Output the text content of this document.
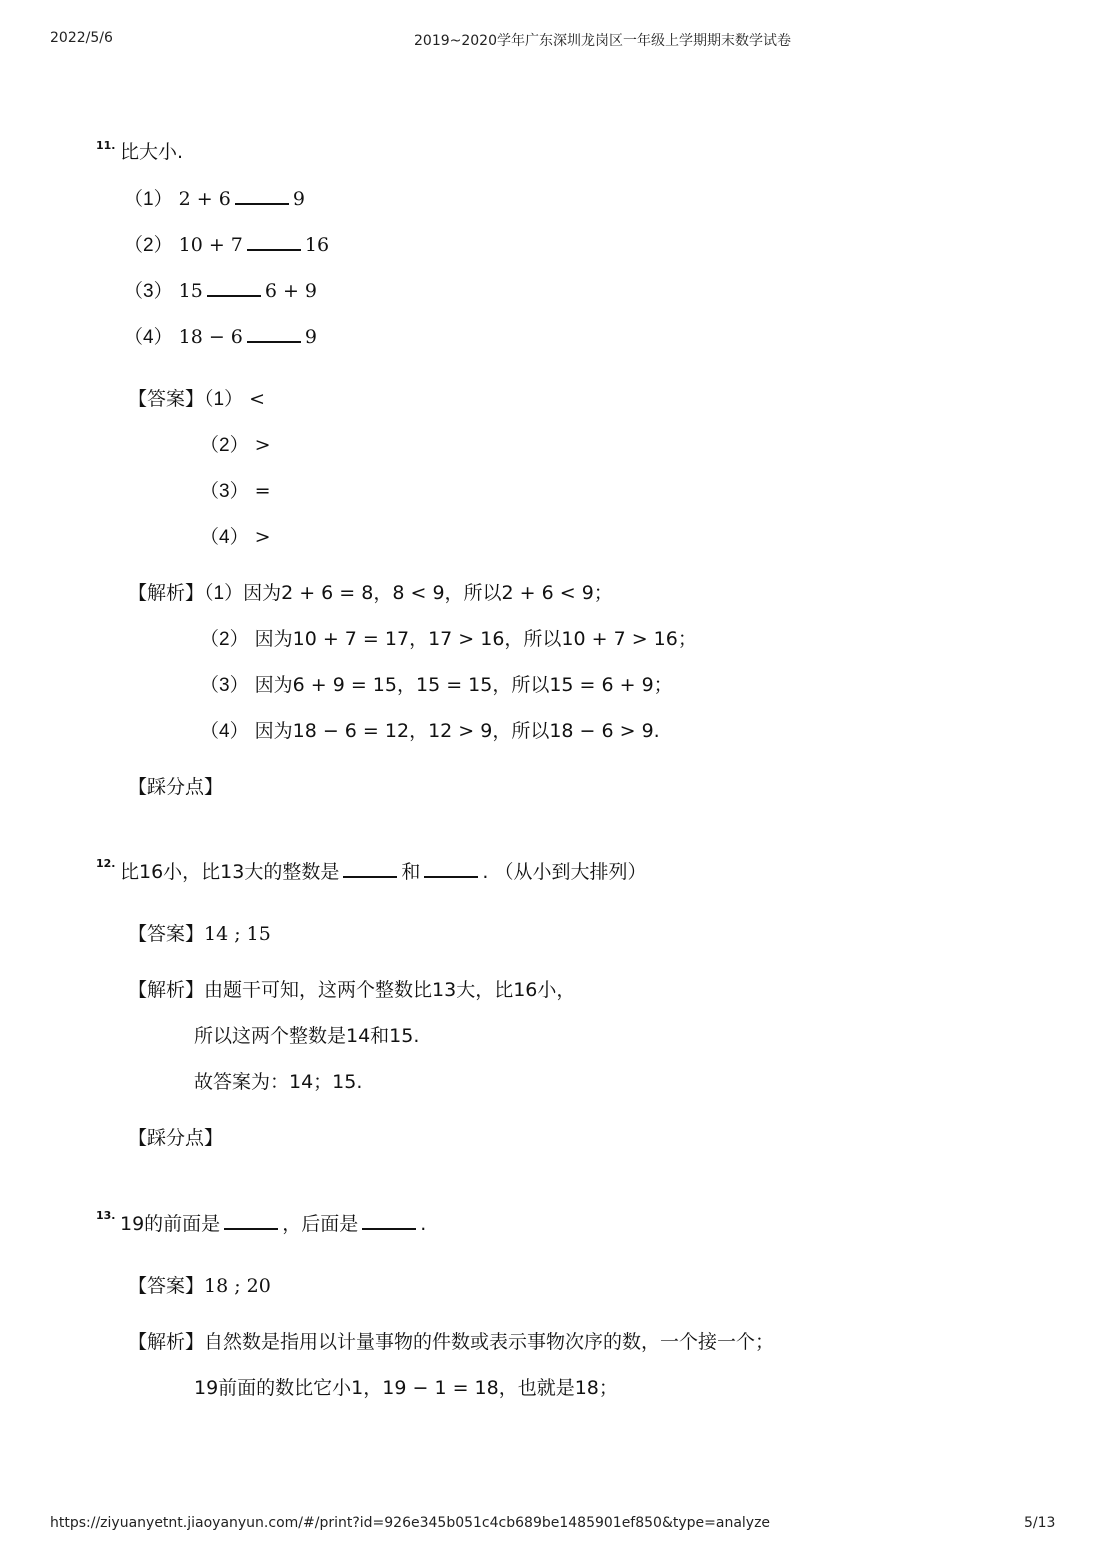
2022/5/6	2019~2020学年广东深圳龙岗区一年级上学期期末数学试卷
11. 比大小.
（1） 2 + 6	9
（2） 10 + 7	16
（3） 15	6 + 9
（4） 18 − 6	9
【答案】（1） <
（2） >
（3） =
（4） >
【解析】（1）因为2 + 6 = 8，8 < 9，所以2 + 6 < 9；
（2） 因为10 + 7 = 17，17 > 16，所以10 + 7 > 16；
（3） 因为6 + 9 = 15，15 = 15，所以15 = 6 + 9；
（4） 因为18 − 6 = 12，12 > 9，所以18 − 6 > 9.
【踩分点】
12. 比16小，比13大的整数是	和	. （从小到大排列）
【答案】14 ; 15
【解析】由题干可知，这两个整数比13大，比16小，
所以这两个整数是14和15.
故答案为：14；15.
【踩分点】
13. 19的前面是	，后面是	.
【答案】18 ; 20
【解析】自然数是指用以计量事物的件数或表示事物次序的数，一个接一个；
19前面的数比它小1，19 − 1 = 18，也就是18；
https://ziyuanyetnt.jiaoyanyun.com/#/print?id=926e345b051c4cb689be1485901ef850&type=analyze	5/13
